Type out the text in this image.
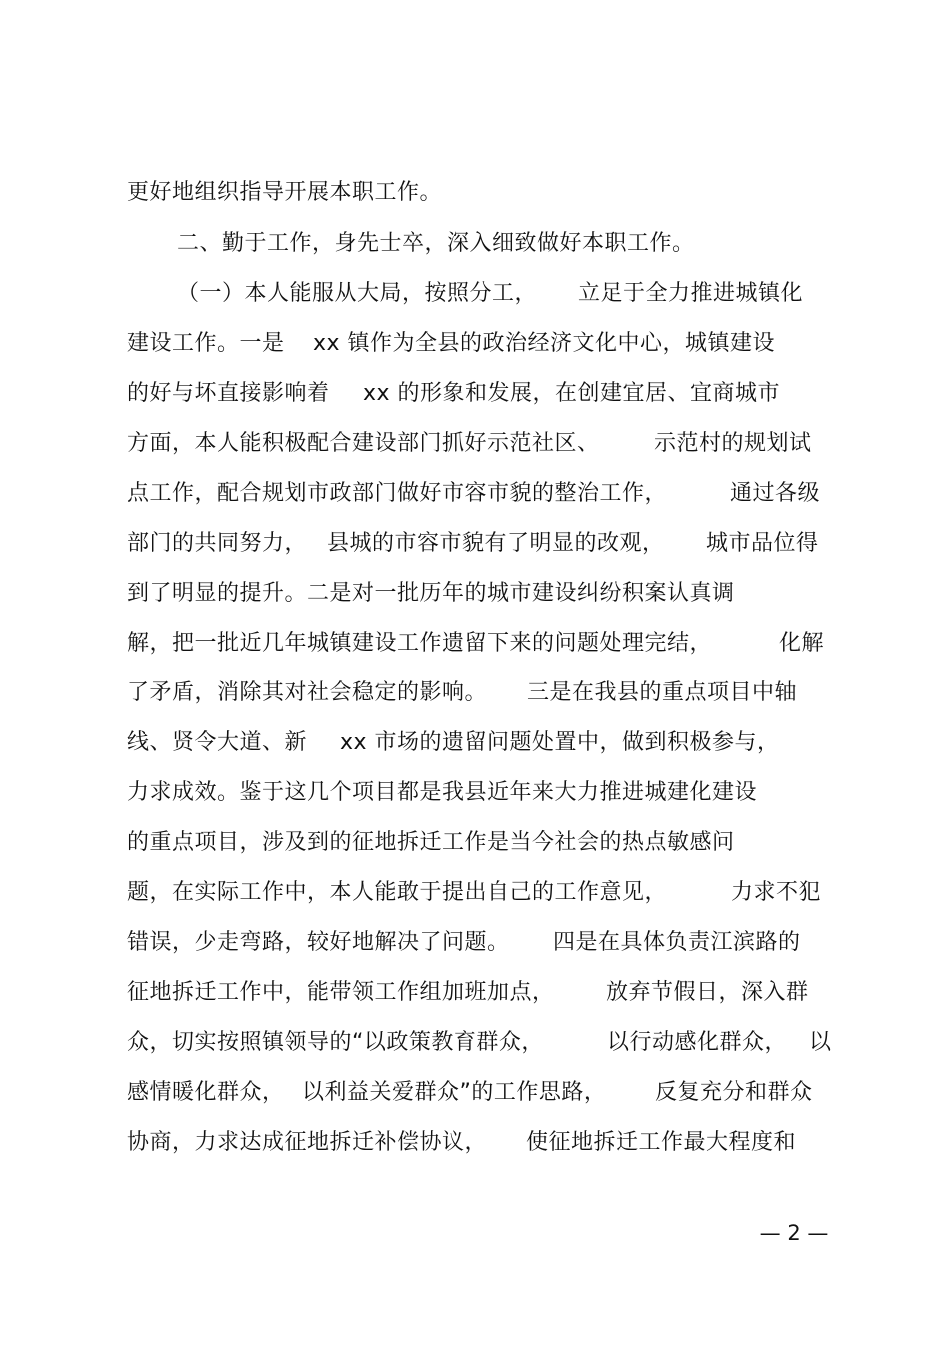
更好地组织指导开展本职工作。

二、勤于工作，身先士卒，深入细致做好本职工作。

（一）本人能服从大局，按照分工，

立足于全力推进城镇化

建设工作。一是

xx 镇作为全县的政治经济文化中心，城镇建设

的好与坏直接影响着

xx 的形象和发展，在创建宜居、宜商城市

方面，本人能积极配合建设部门抓好示范社区、

示范村的规划试

点工作，配合规划市政部门做好市容市貌的整治工作，

	通过各级

部门的共同努力，

县城的市容市貌有了明显的改观，

城市品位得

到了明显的提升。二是对一批历年的城市建设纠纷积案认真调

解，把一批近几年城镇建设工作遗留下来的问题处理完结，

	化解

了矛盾，消除其对社会稳定的影响。

三是在我县的重点项目中轴

线、贤令大道、新

xx 市场的遗留问题处置中，做到积极参与，

力求成效。鉴于这几个项目都是我县近年来大力推进城建化建设

的重点项目，涉及到的征地拆迁工作是当今社会的热点敏感问

题，在实际工作中，本人能敢于提出自己的工作意见，

	力求不犯

错误，少走弯路，较好地解决了问题。

四是在具体负责江滨路的

征地拆迁工作中，能带领工作组加班加点，

放弃节假日，深入群

众，切实按照镇领导的“以政策教育群众，

	以行动感化群众，

以

感情暖化群众，

以利益关爱群众”的工作思路，

反复充分和群众

协商，力求达成征地拆迁补偿协议，

使征地拆迁工作最大程度和

— 2 —
